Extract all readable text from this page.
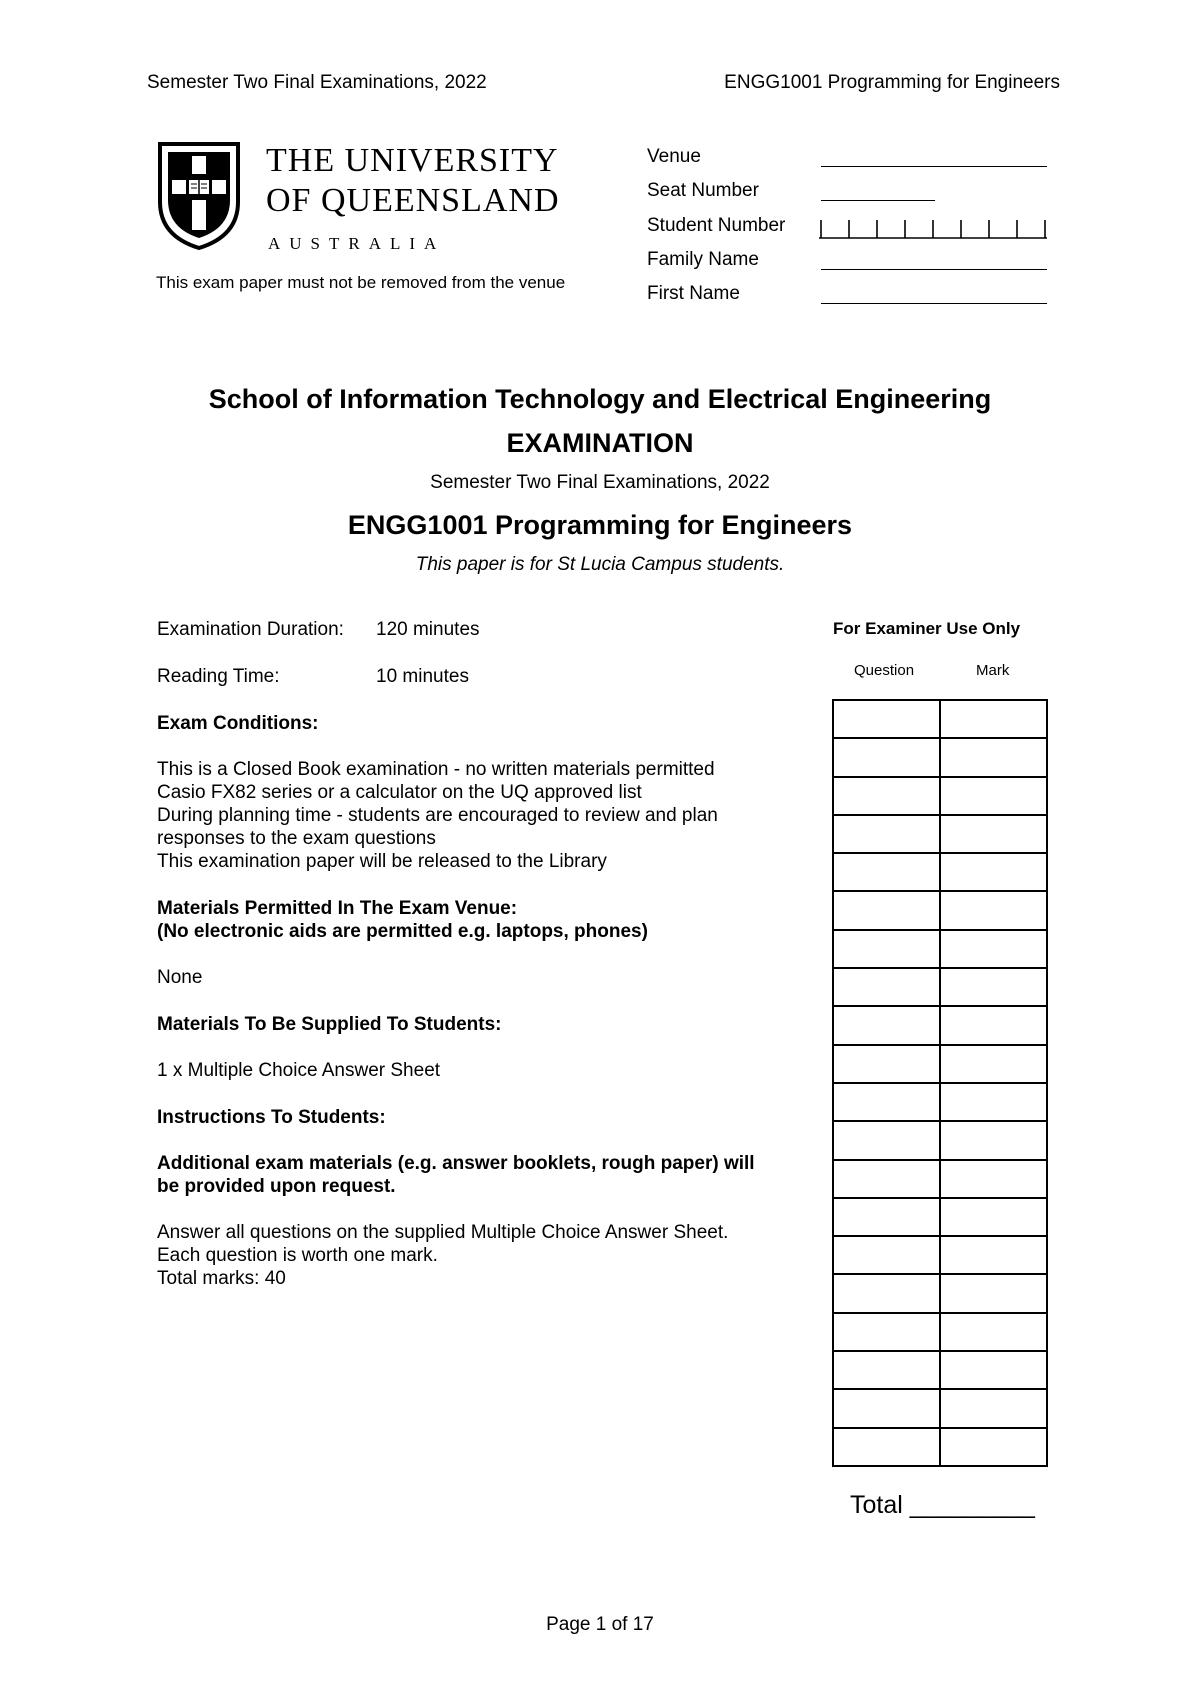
Semester Two Final Examinations, 2022	ENGG1001 Programming for Engineers
THE UNIVERSITY
OF QUEENSLAND
AUSTRALIA
This exam paper must not be removed from the venue
Venue
Seat Number
Student Number
Family Name
First Name
School of Information Technology and Electrical Engineering
EXAMINATION
Semester Two Final Examinations, 2022
ENGG1001 Programming for Engineers
This paper is for St Lucia Campus students.
Examination Duration: 120 minutes
Reading Time:	10 minutes
Exam Conditions:
This is a Closed Book examination - no written materials permitted
Casio FX82 series or a calculator on the UQ approved list
During planning time - students are encouraged to review and plan
responses to the exam questions
This examination paper will be released to the Library
Materials Permitted In The Exam Venue:
(No electronic aids are permitted e.g. laptops, phones)
None
Materials To Be Supplied To Students:
1 x Multiple Choice Answer Sheet
Instructions To Students:
Additional exam materials (e.g. answer booklets, rough paper) will
be provided upon request.
Answer all questions on the supplied Multiple Choice Answer Sheet.
Each question is worth one mark.
Total marks: 40
For Examiner Use Only
Question	Mark

Total _________
Page 1 of 17
